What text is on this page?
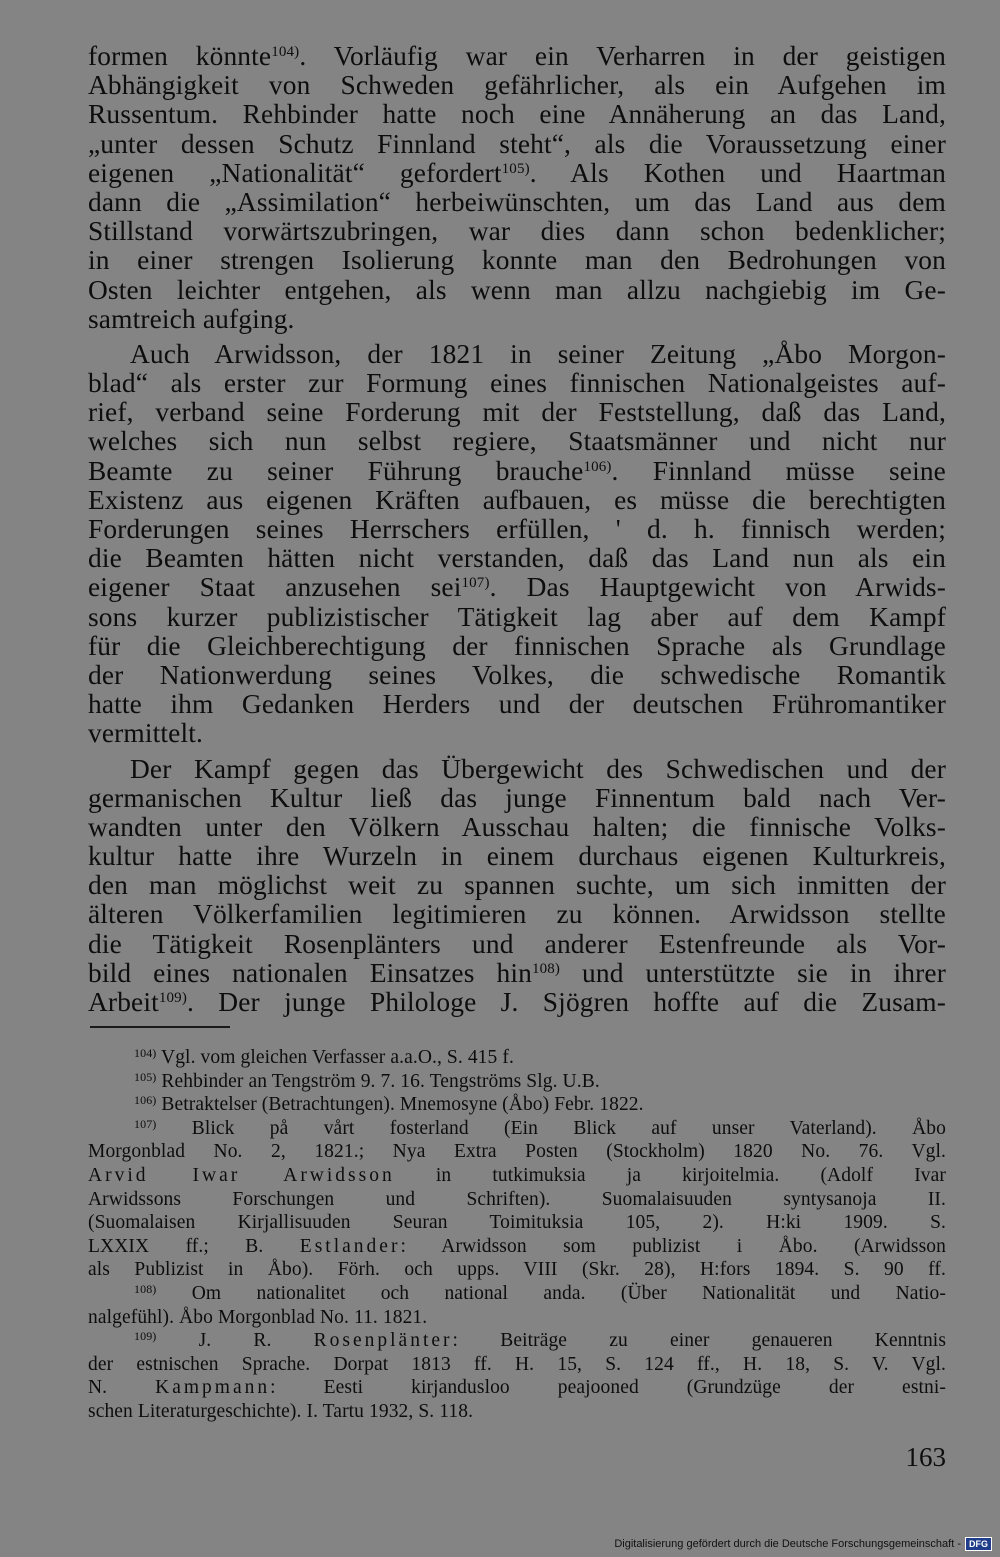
formen könnte$^{104)}$. Vorläufig war ein Verharren in der geistigen
Abhängigkeit von Schweden gefährlicher, als ein Aufgehen im
Russentum. Rehbinder hatte noch eine Annäherung an das Land,
„unter dessen Schutz Finnland steht“, als die Voraussetzung einer
eigenen „Nationalität“ gefordert$^{105)}$. Als Kothen und Haartman
dann die „Assimilation“ herbeiwünschten, um das Land aus dem
Stillstand vorwärtszubringen, war dies dann schon bedenklicher;
in einer strengen Isolierung konnte man den Bedrohungen von
Osten leichter entgehen, als wenn man allzu nachgiebig im Ge-
samtreich aufging.
Auch Arwidsson, der 1821 in seiner Zeitung „Åbo Morgon-
blad“ als erster zur Formung eines finnischen Nationalgeistes auf-
rief, verband seine Forderung mit der Feststellung, daß das Land,
welches sich nun selbst regiere, Staatsmänner und nicht nur
Beamte zu seiner Führung brauche$^{106)}$. Finnland müsse seine
Existenz aus eigenen Kräften aufbauen, es müsse die berechtigten
Forderungen seines Herrschers erfüllen, ' d. h. finnisch werden;
die Beamten hätten nicht verstanden, daß das Land nun als ein
eigener Staat anzusehen sei$^{107)}$. Das Hauptgewicht von Arwids-
sons kurzer publizistischer Tätigkeit lag aber auf dem Kampf
für die Gleichberechtigung der finnischen Sprache als Grundlage
der Nationwerdung seines Volkes, die schwedische Romantik
hatte ihm Gedanken Herders und der deutschen Frühromantiker
vermittelt.
Der Kampf gegen das Übergewicht des Schwedischen und der
germanischen Kultur ließ das junge Finnentum bald nach Ver-
wandten unter den Völkern Ausschau halten; die finnische Volks-
kultur hatte ihre Wurzeln in einem durchaus eigenen Kulturkreis,
den man möglichst weit zu spannen suchte, um sich inmitten der
älteren Völkerfamilien legitimieren zu können. Arwidsson stellte
die Tätigkeit Rosenplänters und anderer Estenfreunde als Vor-
bild eines nationalen Einsatzes hin$^{108)}$ und unterstützte sie in ihrer
Arbeit$^{109)}$. Der junge Philologe J. Sjögren hoffte auf die Zusam-
$^{104)}$ Vgl. vom gleichen Verfasser a.a.O., S. 415 f.
$^{105)}$ Rehbinder an Tengström 9. 7. 16. Tengströms Slg. U.B.
$^{106)}$ Betraktelser (Betrachtungen). Mnemosyne (Åbo) Febr. 1822.
$^{107)}$ Blick på vårt fosterland (Ein Blick auf unser Vaterland). Åbo
Morgonblad No. 2, 1821.; Nya Extra Posten (Stockholm) 1820 No. 76. Vgl.
Arvid Iwar Arwidsson in tutkimuksia ja kirjoitelmia. (Adolf Ivar
Arwidssons Forschungen und Schriften). Suomalaisuuden syntysanoja II.
(Suomalaisen Kirjallisuuden Seuran Toimituksia 105, 2). H:ki 1909. S.
LXXIX ff.; B. Estlander: Arwidsson som publizist i Åbo. (Arwidsson
als Publizist in Åbo). Förh. och upps. VIII (Skr. 28), H:fors 1894. S. 90 ff.
$^{108)}$ Om nationalitet och national anda. (Über Nationalität und Natio-
nalgefühl). Åbo Morgonblad No. 11. 1821.
$^{109)}$ J. R. Rosenplänter: Beiträge zu einer genaueren Kenntnis
der estnischen Sprache. Dorpat 1813 ff. H. 15, S. 124 ff., H. 18, S. V. Vgl.
N. Kampmann: Eesti kirjandusloo peajooned (Grundzüge der estni-
schen Literaturgeschichte). I. Tartu 1932, S. 118.
163
Digitalisierung gefördert durch die Deutsche Forschungsgemeinschaft - DFG
